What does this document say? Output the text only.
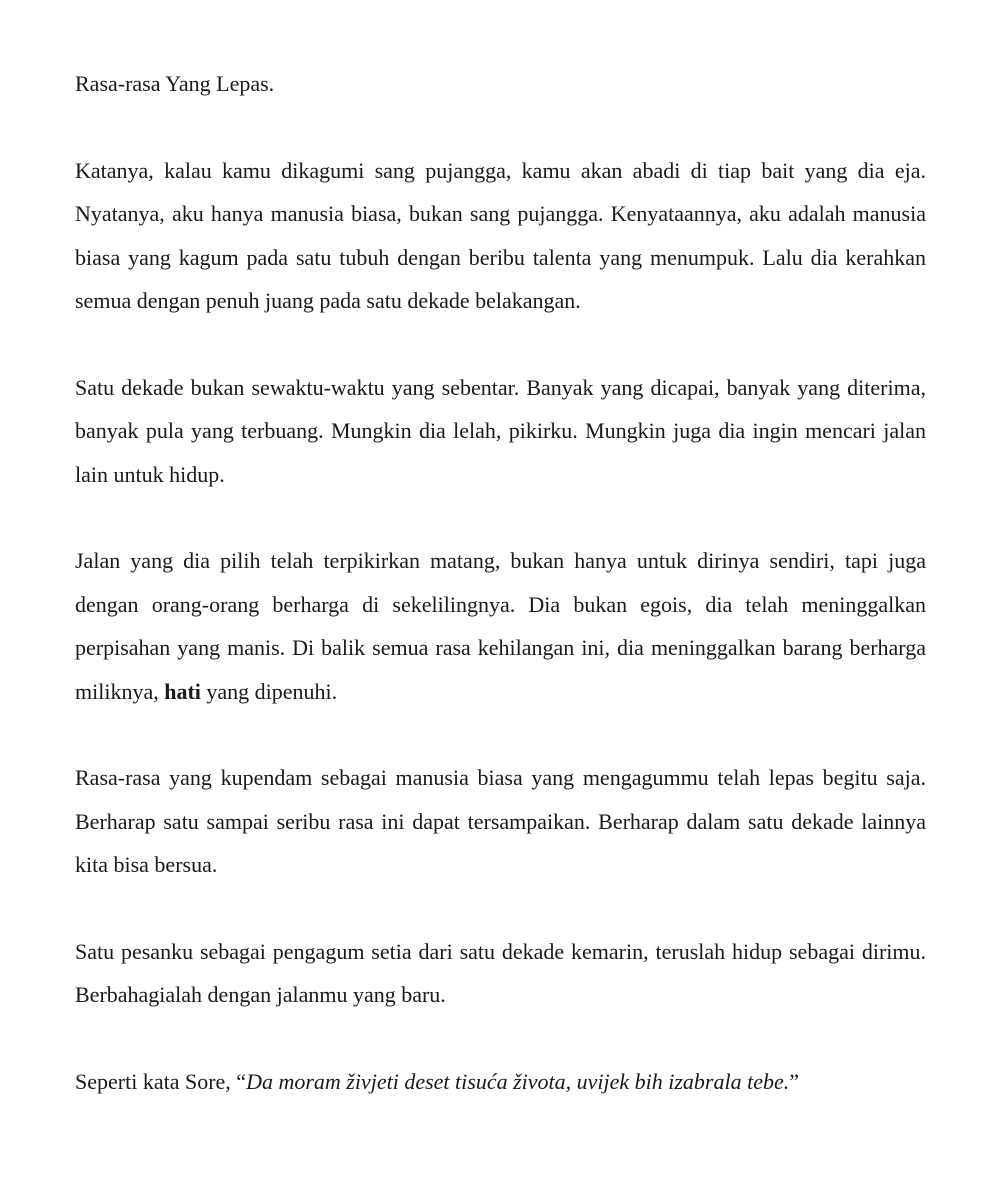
Rasa-rasa Yang Lepas.

Katanya, kalau kamu dikagumi sang pujangga, kamu akan abadi di tiap bait yang dia eja. Nyatanya, aku hanya manusia biasa, bukan sang pujangga. Kenyataannya, aku adalah manusia biasa yang kagum pada satu tubuh dengan beribu talenta yang menumpuk. Lalu dia kerahkan semua dengan penuh juang pada satu dekade belakangan.

Satu dekade bukan sewaktu-waktu yang sebentar. Banyak yang dicapai, banyak yang diterima, banyak pula yang terbuang. Mungkin dia lelah, pikirku. Mungkin juga dia ingin mencari jalan lain untuk hidup.

Jalan yang dia pilih telah terpikirkan matang, bukan hanya untuk dirinya sendiri, tapi juga dengan orang-orang berharga di sekelilingnya. Dia bukan egois, dia telah meninggalkan perpisahan yang manis. Di balik semua rasa kehilangan ini, dia meninggalkan barang berharga miliknya, hati yang dipenuhi.

Rasa-rasa yang kupendam sebagai manusia biasa yang mengagummu telah lepas begitu saja. Berharap satu sampai seribu rasa ini dapat tersampaikan. Berharap dalam satu dekade lainnya kita bisa bersua.

Satu pesanku sebagai pengagum setia dari satu dekade kemarin, teruslah hidup sebagai dirimu. Berbahagialah dengan jalanmu yang baru.

Seperti kata Sore, “Da moram živjeti deset tisuća života, uvijek bih izabrala tebe.”
